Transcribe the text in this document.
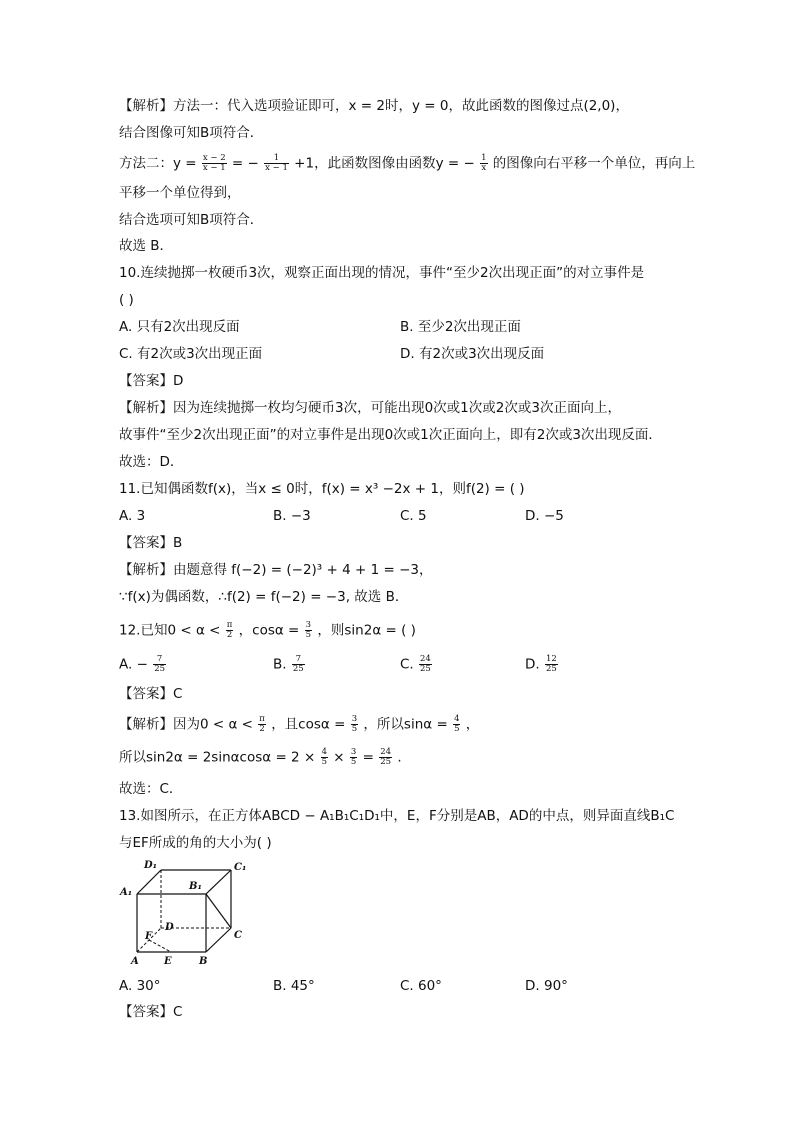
【解析】方法一：代入选项验证即可，x = 2时，y = 0，故此函数的图像过点(2,0)，
结合图像可知B项符合．
方法二：$y = \frac{x - 2}{x - 1}$ = − $\frac{1}{x - 1} +1$，此函数图像由函数y = − $\frac{1}{x}$ 的图像向右平移一个单位，再向上
平移一个单位得到，
结合选项可知B项符合．
故选 B．
10.连续抛掷一枚硬币3次，观察正面出现的情况，事件“至少2次出现正面”的对立事件是
( )
A. 只有2次出现反面	B. 至少2次出现正面
C. 有2次或3次出现正面	D. 有2次或3次出现反面
【答案】D
【解析】因为连续抛掷一枚均匀硬币3次，可能出现0次或1次或2次或3次正面向上，
故事件“至少2次出现正面”的对立事件是出现0次或1次正面向上，即有2次或3次出现反面．
故选：D．
11.已知偶函数f(x)，当x ≤ 0时，f(x) = x³ −2x + 1，则f(2) = ( )
A. 3	B. −3	C. 5	D. −5
【答案】B
【解析】由题意得 f(−2) = (−2)³ + 4 + 1 = −3，
∵f(x)为偶函数，∴f(2) = f(−2) = −3, 故选 B．
12.已知$0 < \alpha < \frac{\pi}{2}$ ，$\cos\alpha = \frac{3}{5}$ ，则sin2α = ( )
A. − $\frac{7}{25}$	B. $\frac{7}{25}$	C. $\frac{24}{25}$	D. $\frac{12}{25}$
【答案】C
【解析】因为$0 < \alpha < \frac{\pi}{2}$ ，且$\cos\alpha = \frac{3}{5}$ ，所以$\sin\alpha = \frac{4}{5}$ ，
所以$\sin 2\alpha = 2\sin\alpha\cos\alpha = 2 \times \frac{4}{5} \times \frac{3}{5} = \frac{24}{25}$ .
故选：C．
13.如图所示，在正方体ABCD − A₁B₁C₁D₁中，E，F分别是AB，AD的中点，则异面直线B₁C
与EF所成的角的大小为( )
D₁	C₁
A₁
B₁
D
F	C
A	E	B
A. 30°	B. 45°	C. 60°	D. 90°
【答案】C
